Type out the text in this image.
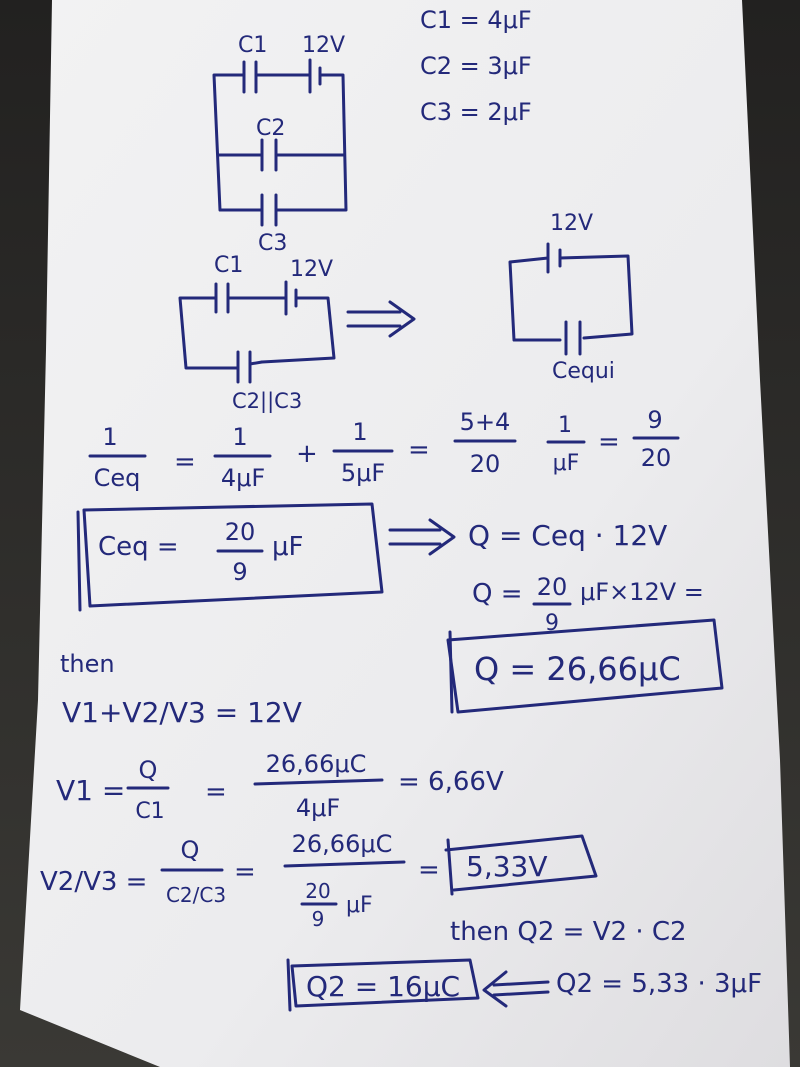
C1 = 4μF
C2 = 3μF
C3 = 2μF
C1 12V
C2
C3
C1 12V
C2||C3
12V
Cequi
1
Ceq
=
1
4μF
+
1
5μF
=
5+4
20
1
μF
=
9
20
Ceq = 20
9
μF	Q = Ceq · 12V
Q = 20
9
μF×12V =
Q = 26,66μC
then
V1+V2/V3 = 12V
V1 =
Q
C1
=
26,66μC
4μF
= 6,66V
V2/V3 =
Q
C2/C3
=
26,66μC
20
9
μF
= 5,33V
then Q2 = V2 · C2
Q2 = 16μC	Q2 = 5,33 · 3μF
